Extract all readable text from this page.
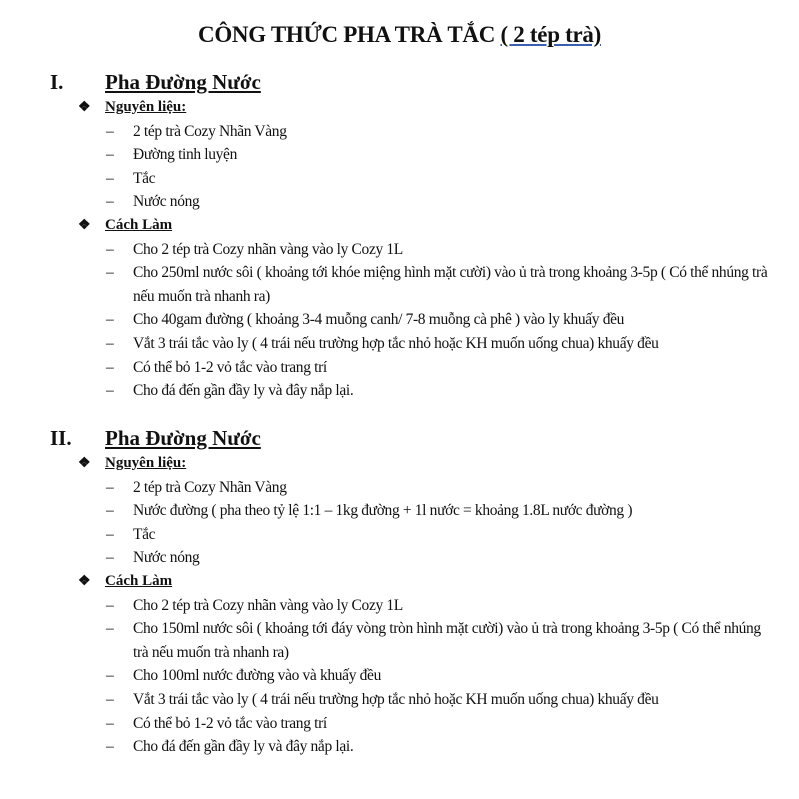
CÔNG THỨC PHA TRÀ TẮC ( 2 tép trà)
I. Pha Đường Nước
❖ Nguyên liệu:
– 2 tép trà Cozy Nhãn Vàng
– Đường tinh luyện
– Tắc
– Nước nóng
❖ Cách Làm
– Cho 2 tép trà Cozy nhãn vàng vào ly Cozy 1L
– Cho 250ml nước sôi ( khoảng tới khóe miệng hình mặt cười) vào ủ trà trong khoảng 3-5p ( Có thể nhúng trà nếu muốn trà nhanh ra)
– Cho 40gam đường ( khoảng 3-4 muỗng canh/ 7-8 muỗng cà phê ) vào ly khuấy đều
– Vắt 3 trái tắc vào ly ( 4 trái nếu trường hợp tắc nhỏ hoặc KH muốn uống chua) khuấy đều
– Có thể bỏ 1-2 vỏ tắc vào trang trí
– Cho đá đến gần đầy ly và đây nắp lại.
II. Pha Đường Nước
❖ Nguyên liệu:
– 2 tép trà Cozy Nhãn Vàng
– Nước đường ( pha theo tỷ lệ 1:1 – 1kg đường + 1l nước = khoảng 1.8L nước đường )
– Tắc
– Nước nóng
❖ Cách Làm
– Cho 2 tép trà Cozy nhãn vàng vào ly Cozy 1L
– Cho 150ml nước sôi ( khoảng tới đáy vòng tròn hình mặt cười) vào ủ trà trong khoảng 3-5p ( Có thể nhúng trà nếu muốn trà nhanh ra)
– Cho 100ml nước đường vào và khuấy đều
– Vắt 3 trái tắc vào ly ( 4 trái nếu trường hợp tắc nhỏ hoặc KH muốn uống chua) khuấy đều
– Có thể bỏ 1-2 vỏ tắc vào trang trí
– Cho đá đến gần đầy ly và đây nắp lại.
